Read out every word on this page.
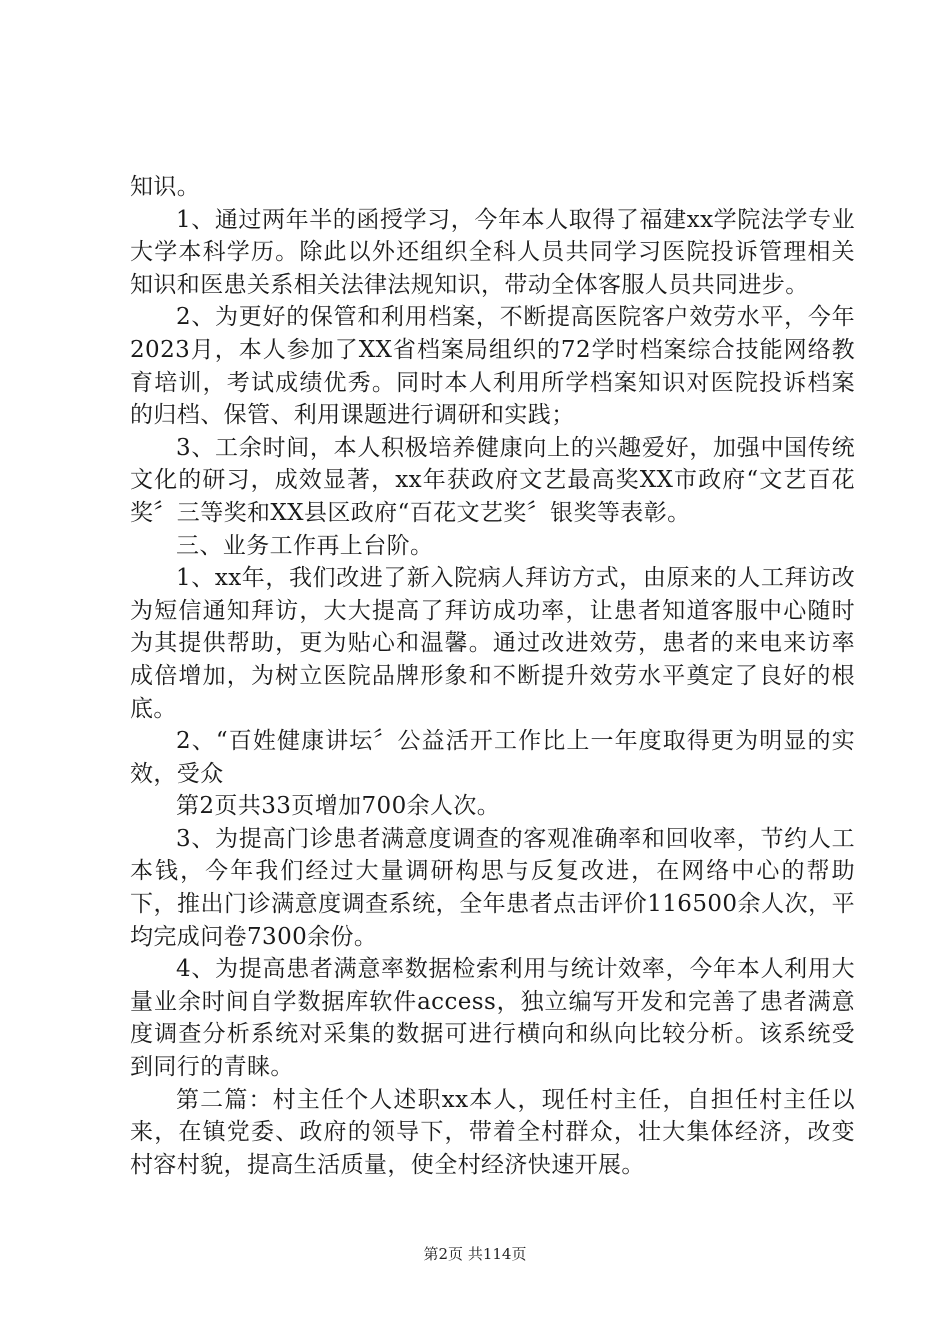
知识。

1、通过两年半的函授学习，今年本人取得了福建xx学院法学专业大学本科学历。除此以外还组织全科人员共同学习医院投诉管理相关知识和医患关系相关法律法规知识，带动全体客服人员共同进步。

2、为更好的保管和利用档案，不断提高医院客户效劳水平，今年2023月，本人参加了XX省档案局组织的72学时档案综合技能网络教育培训，考试成绩优秀。同时本人利用所学档案知识对医院投诉档案的归档、保管、利用课题进行调研和实践；

3、工余时间，本人积极培养健康向上的兴趣爱好，加强中国传统文化的研习，成效显著，xx年获政府文艺最高奖XX市政府“文艺百花奖〞三等奖和XX县区政府“百花文艺奖〞银奖等表彰。

三、业务工作再上台阶。

1、xx年，我们改进了新入院病人拜访方式，由原来的人工拜访改为短信通知拜访，大大提高了拜访成功率，让患者知道客服中心随时为其提供帮助，更为贴心和温馨。通过改进效劳，患者的来电来访率成倍增加，为树立医院品牌形象和不断提升效劳水平奠定了良好的根底。

2、“百姓健康讲坛〞公益活开工作比上一年度取得更为明显的实效，受众

第2页共33页增加700余人次。

3、为提高门诊患者满意度调查的客观准确率和回收率，节约人工本钱，今年我们经过大量调研构思与反复改进，在网络中心的帮助下，推出门诊满意度调查系统，全年患者点击评价116500余人次，平均完成问卷7300余份。

4、为提高患者满意率数据检索利用与统计效率，今年本人利用大量业余时间自学数据库软件access，独立编写开发和完善了患者满意度调查分析系统对采集的数据可进行横向和纵向比较分析。该系统受到同行的青睐。

第二篇：村主任个人述职xx本人，现任村主任，自担任村主任以来，在镇党委、政府的领导下，带着全村群众，壮大集体经济，改变村容村貌，提高生活质量，使全村经济快速开展。

第2页 共114页
